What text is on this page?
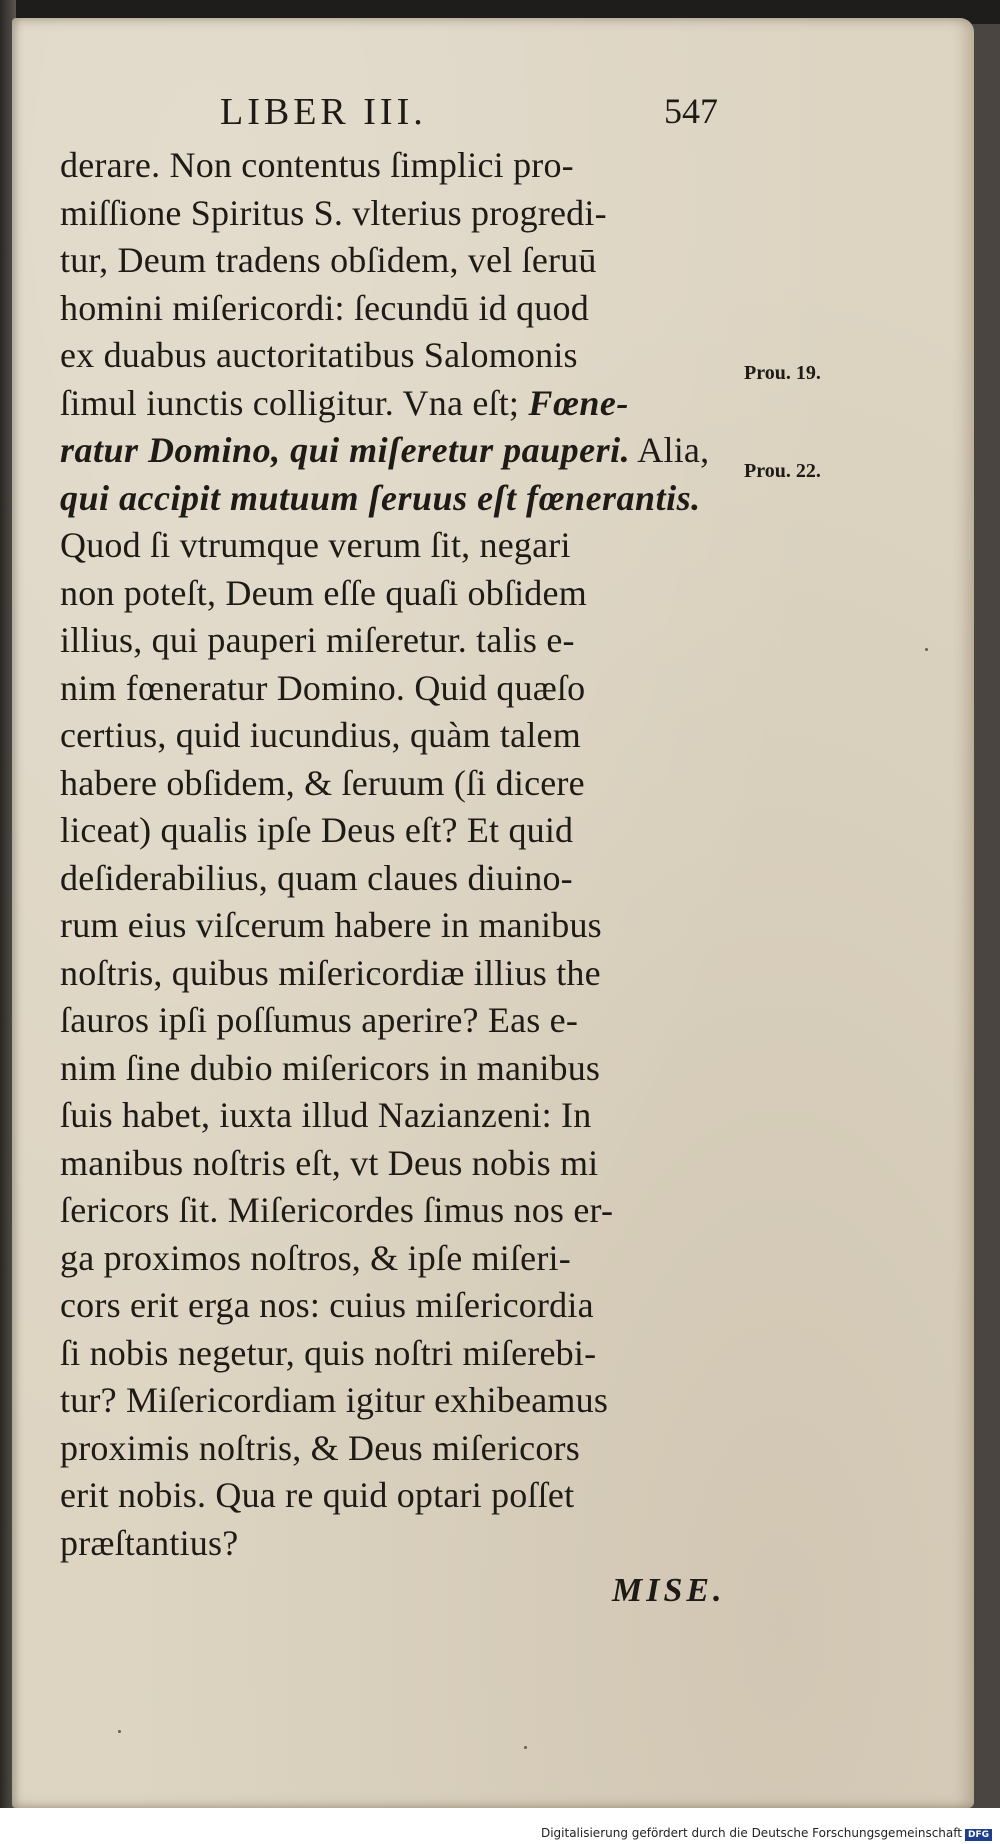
LIBER III.	547
derare. Non contentus ſimplici pro-
miſſione Spiritus S. vlterius progredi-
tur, Deum tradens obſidem, vel ſeruū
homini miſericordi: ſecundū id quod
ex duabus auctoritatibus Salomonis
ſimul iunctis colligitur. Vna eſt; Fœne-
ratur Domino, qui miſeretur pauperi. Alia,
qui accipit mutuum ſeruus eſt fœnerantis.
Quod ſi vtrumque verum ſit, negari
non poteſt, Deum eſſe quaſi obſidem
illius, qui pauperi miſeretur. talis e-
nim fœneratur Domino. Quid quæſo
certius, quid iucundius, quàm talem
habere obſidem, & ſeruum (ſi dicere
liceat) qualis ipſe Deus eſt? Et quid
deſiderabilius, quam claues diuino-
rum eius viſcerum habere in manibus
noſtris, quibus miſericordiæ illius the
ſauros ipſi poſſumus aperire? Eas e-
nim ſine dubio miſericors in manibus
ſuis habet, iuxta illud Nazianzeni: In
manibus noſtris eſt, vt Deus nobis mi
ſericors ſit. Miſericordes ſimus nos er-
ga proximos noſtros, & ipſe miſeri-
cors erit erga nos: cuius miſericordia
ſi nobis negetur, quis noſtri miſerebi-
tur? Miſericordiam igitur exhibeamus
proximis noſtris, & Deus miſericors
erit nobis. Qua re quid optari poſſet
præſtantius?
Prou. 19.
Prou. 22.
MISE.
Digitalisierung gefördert durch die Deutsche Forschungsgemeinschaft DFG
